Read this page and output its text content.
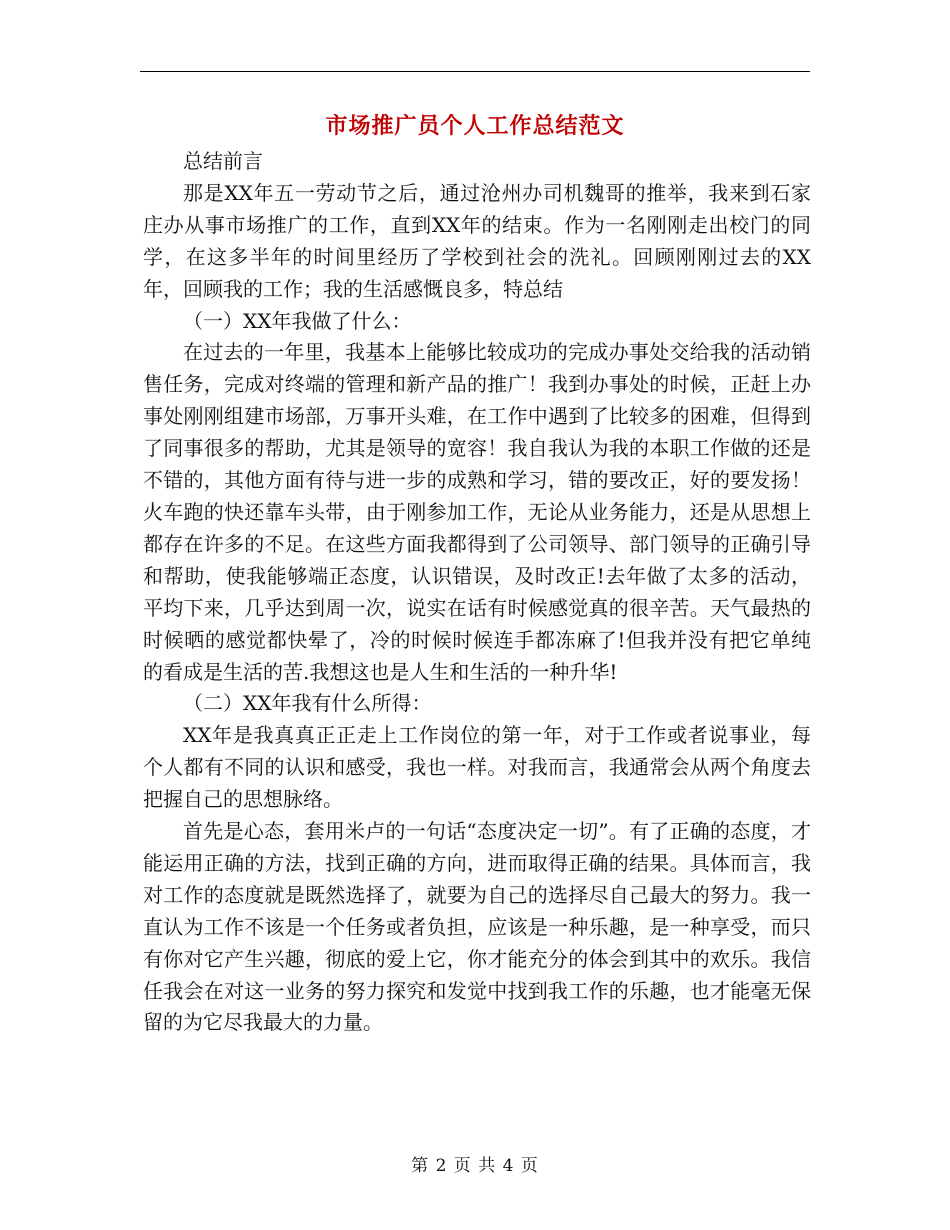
市场推广员个人工作总结范文

总结前言

那是XX年五一劳动节之后，通过沧州办司机魏哥的推举，我来到石家庄办从事市场推广的工作，直到XX年的结束。作为一名刚刚走出校门的同学，在这多半年的时间里经历了学校到社会的洗礼。回顾刚刚过去的XX年，回顾我的工作；我的生活感慨良多，特总结

（一）XX年我做了什么：

在过去的一年里，我基本上能够比较成功的完成办事处交给我的活动销售任务，完成对终端的管理和新产品的推广！我到办事处的时候，正赶上办事处刚刚组建市场部，万事开头难，在工作中遇到了比较多的困难，但得到了同事很多的帮助，尤其是领导的宽容！我自我认为我的本职工作做的还是不错的，其他方面有待与进一步的成熟和学习，错的要改正，好的要发扬！火车跑的快还靠车头带，由于刚参加工作，无论从业务能力，还是从思想上都存在许多的不足。在这些方面我都得到了公司领导、部门领导的正确引导和帮助，使我能够端正态度，认识错误，及时改正!去年做了太多的活动，平均下来，几乎达到周一次，说实在话有时候感觉真的很辛苦。天气最热的时候晒的感觉都快晕了，冷的时候时候连手都冻麻了!但我并没有把它单纯的看成是生活的苦.我想这也是人生和生活的一种升华!

（二）XX年我有什么所得：

XX年是我真真正正走上工作岗位的第一年，对于工作或者说事业，每个人都有不同的认识和感受，我也一样。对我而言，我通常会从两个角度去把握自己的思想脉络。

首先是心态，套用米卢的一句话“态度决定一切”。有了正确的态度，才能运用正确的方法，找到正确的方向，进而取得正确的结果。具体而言，我对工作的态度就是既然选择了，就要为自己的选择尽自己最大的努力。我一直认为工作不该是一个任务或者负担，应该是一种乐趣，是一种享受，而只有你对它产生兴趣，彻底的爱上它，你才能充分的体会到其中的欢乐。我信任我会在对这一业务的努力探究和发觉中找到我工作的乐趣，也才能毫无保留的为它尽我最大的力量。

第 2 页 共 4 页
